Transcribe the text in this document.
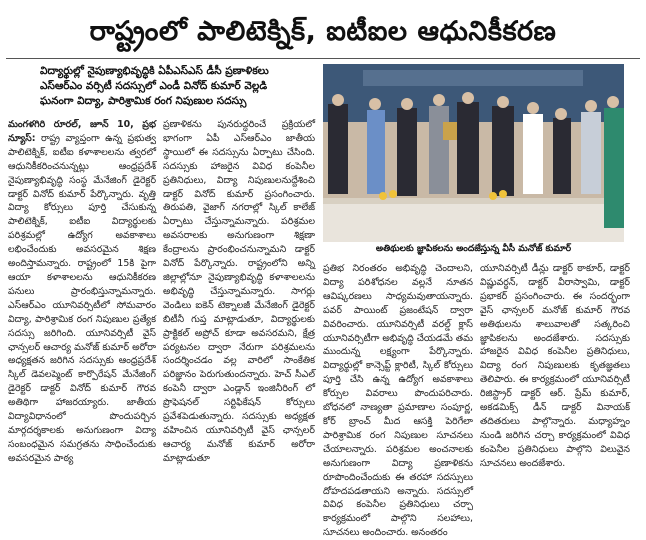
రాష్ట్రంలో పాలిటెక్నిక్, ఐటీఐల ఆధునికీకరణ
విద్యార్థుల్లో నైపుణ్యాభివృద్ధికి ఏపీఎస్ఎస్ డీసీ ప్రణాళికలు
ఎస్ఆర్ఎం వర్సిటీ సదస్సులో ఎండీ వినోద్ కుమార్ వెల్లడి
ఘనంగా విద్యా, పారిశ్రామిక రంగ నిపుణుల సదస్సు

మంగళగిరి రూరల్, జూన్ 10, ప్రభ న్యూస్: రాష్ట్ర వ్యాప్తంగా ఉన్న ప్రభుత్వ పాలిటెక్నిక్, ఐటీఐ కళాశాలలను త్వరలో ఆధునికీకరించనున్నట్లు ఆంధ్రప్రదేశ్ నైపుణ్యాభివృద్ధి సంస్థ మేనేజింగ్ డైరెక్టర్ డాక్టర్ వినోద్ కుమార్ పేర్కొన్నారు. వృత్తి విద్యా కోర్సులు పూర్తి చేసుకున్న పాలిటెక్నిక్, ఐటీఐ విద్యార్థులకు పరిశ్రమల్లో ఉద్యోగ అవకాశాలు లభించేందుకు అవసరమైన శిక్షణ అందిస్తామన్నారు. రాష్ట్రంలో 15కి పైగా ఆయా కళాశాలలను ఆధునికీకరణ పనులు ప్రారంభిస్తున్నామన్నారు. ఎస్ఆర్ఎం యూనివర్సిటీలో సోమవారం విద్యా, పారిశ్రామిక రంగ నిపుణుల ప్రత్యేక సదస్సు జరిగింది. యూనివర్సిటీ వైస్ ఛాన్సలర్ ఆచార్య మనోజ్ కుమార్ అరోరా అధ్యక్షతన జరిగిన సదస్సుకు ఆంధ్రప్రదేశ్ స్కిల్ డెవలప్మెంట్ కార్పొరేషన్ మేనేజింగ్ డైరెక్టర్ డాక్టర్ వినోద్ కుమార్ గౌరవ అతిథిగా హాజరయ్యారు. జాతీయ విద్యావిధానంలో పొందుపర్చిన మార్గదర్శకాలకు అనుగుణంగా విద్యా సంబంధమైన సమగ్రతను సాధించేందుకు అవసరమైన పాఠ్య

ప్రణాళికను పునరుద్ధరించే ప్రక్రియలో భాగంగా ఏపీ ఎస్ఆర్ఎం జాతీయ స్థాయిలో ఈ సదస్సును ఏర్పాటు చేసింది. సదస్సుకు హాజరైన వివిధ కంపెనీల ప్రతినిధులు, విద్యా నిపుణులనుద్దేశించి డాక్టర్ వినోద్ కుమార్ ప్రసంగించారు. తిరుపతి, వైజాగ్ నగరాల్లో స్కిల్ కాలేజ్ ఏర్పాటు చేస్తున్నామన్నారు. పరిశ్రమల అవసరాలకు అనుగుణంగా శిక్షణా కేంద్రాలను ప్రారంభించనున్నామని డాక్టర్ వినోద్ పేర్కొన్నారు. రాష్ట్రంలోని అన్ని జిల్లాల్లోనూ నైపుణ్యాభివృద్ధి కళాశాలలను అభివృద్ధి చేస్తున్నామన్నారు. సాగర్లు వెండిలు ఐకెన్ టెక్నాలజీ మేనేజింగ్ డైరెక్టర్ బిటీనీ గుప్త మాట్లాడుతూ, విద్యార్థులకు ప్రాక్టికల్ అప్రోచ్ కూడా అవసరమని, క్షేత్ర పర్యటనల ద్వారా నేరుగా పరిశ్రమలను సందర్శించడం వల్ల వారిలో సాంకేతిక పరిజ్ఞానం పెరుగుతుందన్నారు. హెచ్ సీఎల్ కంపెనీ ద్వారా ఎండ్లాన్ ఇంజినీరింగ్ లో ప్రొఫెషనల్ సర్టిఫికేషన్ కోర్సులు ప్రవేశపెడుతున్నారు. సదస్సుకు అధ్యక్షత వహించిన యూనివర్సిటీ వైస్ ఛాన్సలర్ ఆచార్య మనోజ్ కుమార్ అరోరా మాట్లాడుతూ

అతిథులకు జ్ఞాపికలను అందజేస్తున్న వీసీ మనోజ్ కుమార్

ప్రతిభ నిరంతరం అభివృద్ధి చెందాలని, విద్యా పరిశోధనల వల్లనే నూతన ఆవిష్కరణలు సాధ్యమవుతాయన్నారు. పవర్ పాయింట్ ప్రజంటేషన్ ద్వారా వివరించారు. యూనివర్సిటీ వరల్డ్ క్లాస్ యూనివర్సిటీగా అభివృద్ధి చేయడమే తమ ముందున్న లక్ష్యంగా పేర్కొన్నారు. విద్యార్థుల్లో కాన్సెప్ట్ క్లారిటీ, స్కిల్ కోర్సులు పూర్తి చేసి ఉన్న ఉద్యోగ అవకాశాలు కోర్సుల వివరాలు పొందుపరిచారు. బోధనలో నాణ్యతా ప్రమాణాల సంపూర్ణ, కోర్ బ్రాంచ్ మీద ఆసక్తి పెరిగేలా పారిశ్రామిక రంగ నిపుణుల సూచనలు చేయాలన్నారు. పరిశ్రమల అంచనాలకు అనుగుణంగా విద్యా ప్రణాళికను రూపొందించేందుకు ఈ తరహా సదస్సులు దోహదపడతాయని అన్నారు. సదస్సులో వివిధ కంపెనీల ప్రతినిధులు చర్చా కార్యక్రమంలో పాల్గొని సలహాలు, సూచనలు అందించారు. అనంతరం

యూనివర్సిటీ డీన్లు డాక్టర్ ఠాకూర్, డాక్టర్ విష్ణువర్ధన్, డాక్టర్ వీరాస్వామి, డాక్టర్ ప్రభాకర్ ప్రసంగించారు. ఈ సందర్భంగా వైస్ ఛాన్సలర్ మనోజ్ కుమార్ గౌరవ అతిథులను శాలువాలతో సత్కరించి జ్ఞాపికలను అందజేశారు. సదస్సుకు హాజరైన వివిధ కంపెనీల ప్రతినిధులు, విద్యా రంగ నిపుణులకు కృతజ్ఞతలు తెలిపారు. ఈ కార్యక్రమంలో యూనివర్సిటీ రిజిస్ట్రార్ డాక్టర్ ఆర్. ప్రేమ్ కుమార్, అకడమిక్స్ డీన్ డాక్టర్ వినాయక్ తదితరులు పాల్గొన్నారు. మధ్యాహ్నం నుండి జరిగిన చర్చా కార్యక్రమంలో వివిధ కంపెనీల ప్రతినిధులు పాల్గొని విలువైన సూచనలు అందజేశారు.
